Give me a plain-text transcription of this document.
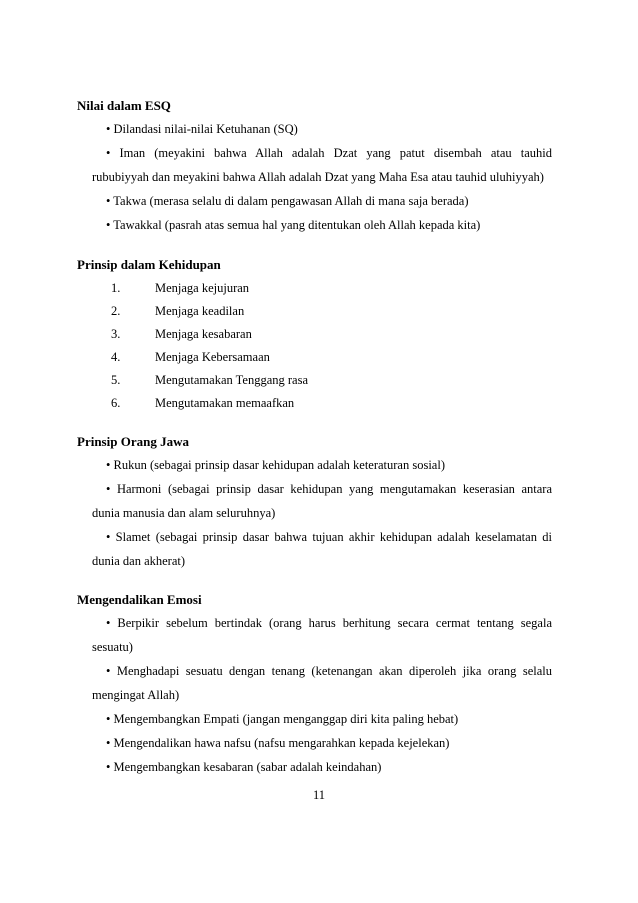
Nilai dalam ESQ
• Dilandasi nilai-nilai Ketuhanan (SQ)
• Iman (meyakini bahwa Allah adalah Dzat yang patut disembah atau tauhid
rububiyyah dan meyakini bahwa Allah adalah Dzat yang Maha Esa atau tauhid uluhiyyah)
• Takwa (merasa selalu di dalam pengawasan Allah di mana saja berada)
• Tawakkal (pasrah atas semua hal yang ditentukan oleh Allah kepada kita)
Prinsip dalam Kehidupan
1.	Menjaga kejujuran
2.	Menjaga keadilan
3.	Menjaga kesabaran
4.	Menjaga Kebersamaan
5.	Mengutamakan Tenggang rasa
6.	Mengutamakan memaafkan
Prinsip Orang Jawa
• Rukun (sebagai prinsip dasar kehidupan adalah keteraturan sosial)
• Harmoni (sebagai prinsip dasar kehidupan yang mengutamakan keserasian antara
dunia manusia dan alam seluruhnya)
• Slamet (sebagai prinsip dasar bahwa tujuan akhir kehidupan adalah keselamatan di
dunia dan akherat)
Mengendalikan Emosi
• Berpikir sebelum bertindak (orang harus berhitung secara cermat tentang segala
sesuatu)
• Menghadapi sesuatu dengan tenang (ketenangan akan diperoleh jika orang selalu
mengingat Allah)
• Mengembangkan Empati (jangan menganggap diri kita paling hebat)
• Mengendalikan hawa nafsu (nafsu mengarahkan kepada kejelekan)
• Mengembangkan kesabaran (sabar adalah keindahan)
11
